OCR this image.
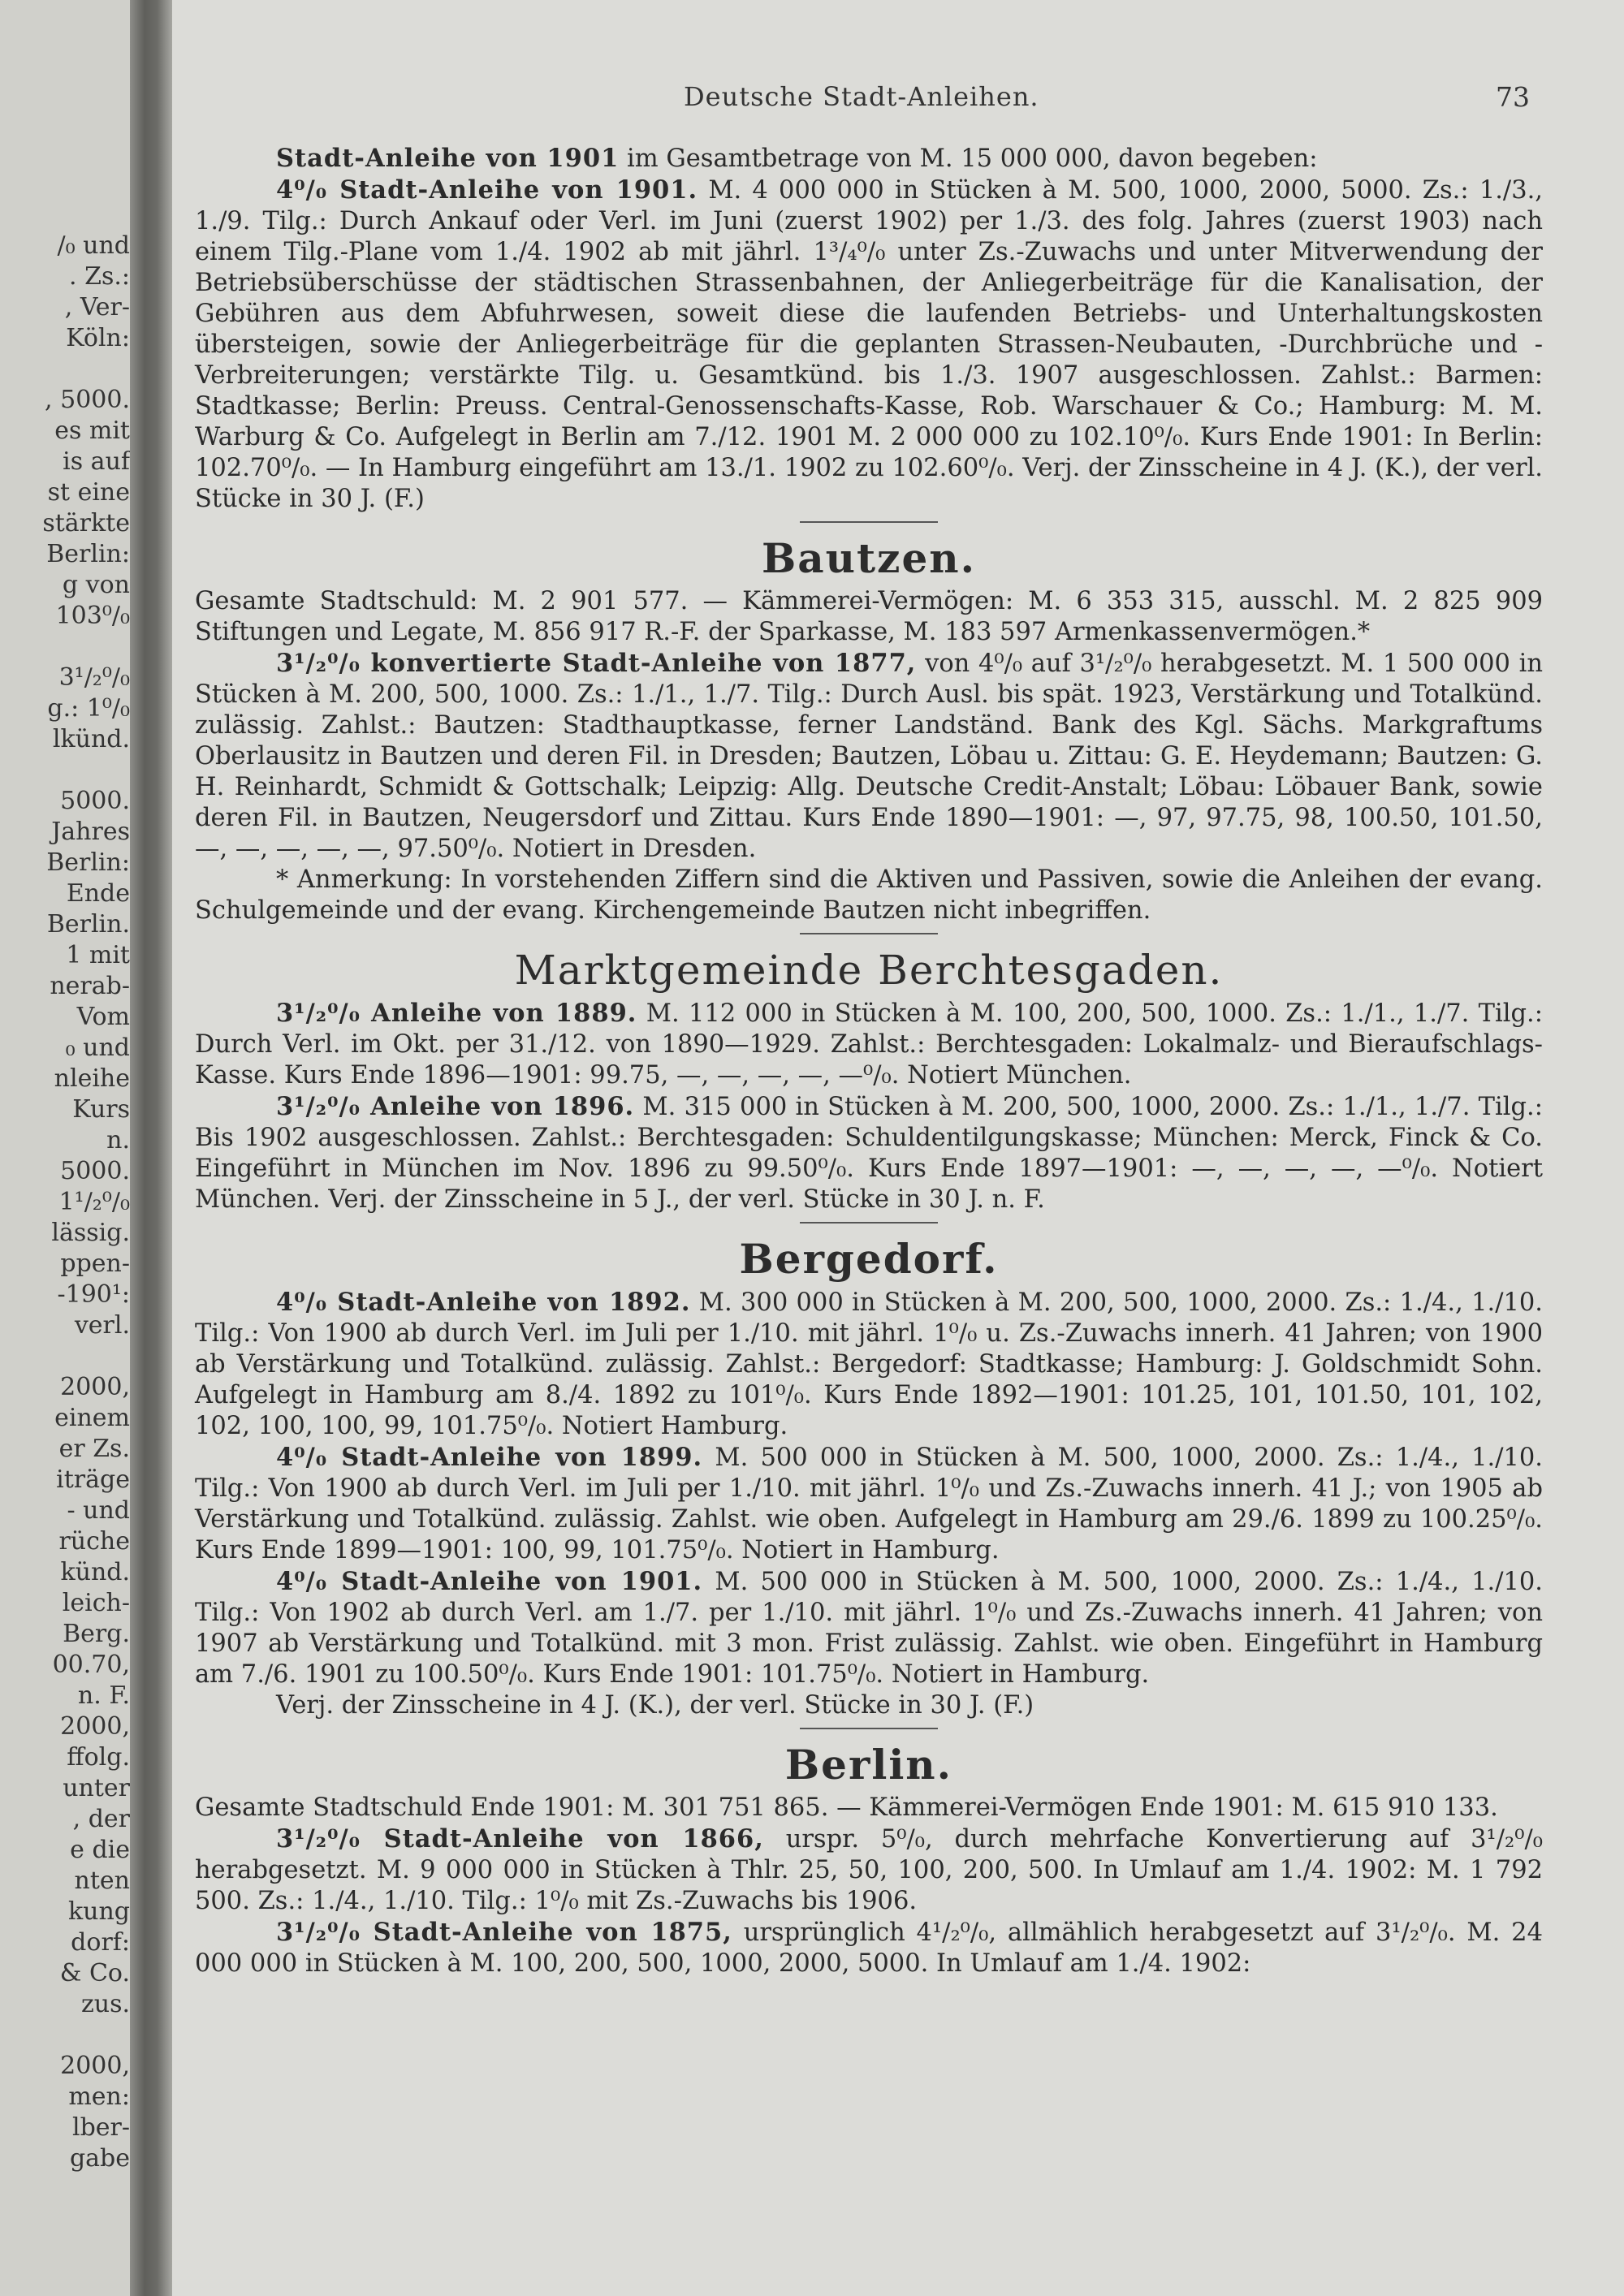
/₀ und
. Zs.:
, Ver-
Köln:
, 5000.
es mit
is auf
st eine
stärkte
Berlin:
g von
103⁰/₀
3¹/₂⁰/₀
g.: 1⁰/₀
lkünd.
5000.
Jahres
Berlin:
Ende
Berlin.
1 mit
nerab-
Vom
₀ und
nleihe
Kurs
n.
5000.
1¹/₂⁰/₀
lässig.
ppen-
-190¹:
verl.
2000,
einem
er Zs.
iträge
- und
rüche
künd.
leich-
Berg.
00.70,
n. F.
2000,
ffolg.
unter
, der
e die
nten
kung
dorf:
& Co.
zus.
2000,
men:
lber-
gabe
Deutsche Stadt-Anleihen.	73

Stadt-Anleihe von 1901 im Gesamtbetrage von M. 15 000 000, davon begeben:

4⁰/₀ Stadt-Anleihe von 1901. M. 4 000 000 in Stücken à M. 500, 1000, 2000, 5000. Zs.: 1./3., 1./9. Tilg.: Durch Ankauf oder Verl. im Juni (zuerst 1902) per 1./3. des folg. Jahres (zuerst 1903) nach einem Tilg.-Plane vom 1./4. 1902 ab mit jährl. 1³/₄⁰/₀ unter Zs.-Zuwachs und unter Mitverwendung der Betriebsüberschüsse der städtischen Strassenbahnen, der Anliegerbeiträge für die Kanalisation, der Gebühren aus dem Abfuhrwesen, soweit diese die laufenden Betriebs- und Unterhaltungskosten übersteigen, sowie der Anliegerbeiträge für die geplanten Strassen-Neubauten, -Durchbrüche und -Verbreiterungen; verstärkte Tilg. u. Gesamtkünd. bis 1./3. 1907 ausgeschlossen. Zahlst.: Barmen: Stadtkasse; Berlin: Preuss. Central-Genossenschafts-Kasse, Rob. Warschauer & Co.; Hamburg: M. M. Warburg & Co. Aufgelegt in Berlin am 7./12. 1901 M. 2 000 000 zu 102.10⁰/₀. Kurs Ende 1901: In Berlin: 102.70⁰/₀. — In Hamburg eingeführt am 13./1. 1902 zu 102.60⁰/₀. Verj. der Zinsscheine in 4 J. (K.), der verl. Stücke in 30 J. (F.)

Bautzen.

Gesamte Stadtschuld: M. 2 901 577. — Kämmerei-Vermögen: M. 6 353 315, ausschl. M. 2 825 909 Stiftungen und Legate, M. 856 917 R.-F. der Sparkasse, M. 183 597 Armenkassenvermögen.*

3¹/₂⁰/₀ konvertierte Stadt-Anleihe von 1877, von 4⁰/₀ auf 3¹/₂⁰/₀ herabgesetzt. M. 1 500 000 in Stücken à M. 200, 500, 1000. Zs.: 1./1., 1./7. Tilg.: Durch Ausl. bis spät. 1923, Verstärkung und Totalkünd. zulässig. Zahlst.: Bautzen: Stadthauptkasse, ferner Landständ. Bank des Kgl. Sächs. Markgraftums Oberlausitz in Bautzen und deren Fil. in Dresden; Bautzen, Löbau u. Zittau: G. E. Heydemann; Bautzen: G. H. Reinhardt, Schmidt & Gottschalk; Leipzig: Allg. Deutsche Credit-Anstalt; Löbau: Löbauer Bank, sowie deren Fil. in Bautzen, Neugersdorf und Zittau. Kurs Ende 1890—1901: —, 97, 97.75, 98, 100.50, 101.50, —, —, —, —, —, 97.50⁰/₀. Notiert in Dresden.

* Anmerkung: In vorstehenden Ziffern sind die Aktiven und Passiven, sowie die Anleihen der evang. Schulgemeinde und der evang. Kirchengemeinde Bautzen nicht inbegriffen.

Marktgemeinde Berchtesgaden.

3¹/₂⁰/₀ Anleihe von 1889. M. 112 000 in Stücken à M. 100, 200, 500, 1000. Zs.: 1./1., 1./7. Tilg.: Durch Verl. im Okt. per 31./12. von 1890—1929. Zahlst.: Berchtesgaden: Lokalmalz- und Bieraufschlags-Kasse. Kurs Ende 1896—1901: 99.75, —, —, —, —, —⁰/₀. Notiert München.

3¹/₂⁰/₀ Anleihe von 1896. M. 315 000 in Stücken à M. 200, 500, 1000, 2000. Zs.: 1./1., 1./7. Tilg.: Bis 1902 ausgeschlossen. Zahlst.: Berchtesgaden: Schuldentilgungskasse; München: Merck, Finck & Co. Eingeführt in München im Nov. 1896 zu 99.50⁰/₀. Kurs Ende 1897—1901: —, —, —, —, —⁰/₀. Notiert München. Verj. der Zinsscheine in 5 J., der verl. Stücke in 30 J. n. F.

Bergedorf.

4⁰/₀ Stadt-Anleihe von 1892. M. 300 000 in Stücken à M. 200, 500, 1000, 2000. Zs.: 1./4., 1./10. Tilg.: Von 1900 ab durch Verl. im Juli per 1./10. mit jährl. 1⁰/₀ u. Zs.-Zuwachs innerh. 41 Jahren; von 1900 ab Verstärkung und Totalkünd. zulässig. Zahlst.: Bergedorf: Stadtkasse; Hamburg: J. Goldschmidt Sohn. Aufgelegt in Hamburg am 8./4. 1892 zu 101⁰/₀. Kurs Ende 1892—1901: 101.25, 101, 101.50, 101, 102, 102, 100, 100, 99, 101.75⁰/₀. Notiert Hamburg.

4⁰/₀ Stadt-Anleihe von 1899. M. 500 000 in Stücken à M. 500, 1000, 2000. Zs.: 1./4., 1./10. Tilg.: Von 1900 ab durch Verl. im Juli per 1./10. mit jährl. 1⁰/₀ und Zs.-Zuwachs innerh. 41 J.; von 1905 ab Verstärkung und Totalkünd. zulässig. Zahlst. wie oben. Aufgelegt in Hamburg am 29./6. 1899 zu 100.25⁰/₀. Kurs Ende 1899—1901: 100, 99, 101.75⁰/₀. Notiert in Hamburg.

4⁰/₀ Stadt-Anleihe von 1901. M. 500 000 in Stücken à M. 500, 1000, 2000. Zs.: 1./4., 1./10. Tilg.: Von 1902 ab durch Verl. am 1./7. per 1./10. mit jährl. 1⁰/₀ und Zs.-Zuwachs innerh. 41 Jahren; von 1907 ab Verstärkung und Totalkünd. mit 3 mon. Frist zulässig. Zahlst. wie oben. Eingeführt in Hamburg am 7./6. 1901 zu 100.50⁰/₀. Kurs Ende 1901: 101.75⁰/₀. Notiert in Hamburg.

Verj. der Zinsscheine in 4 J. (K.), der verl. Stücke in 30 J. (F.)

Berlin.

Gesamte Stadtschuld Ende 1901: M. 301 751 865. — Kämmerei-Vermögen Ende 1901: M. 615 910 133.

3¹/₂⁰/₀ Stadt-Anleihe von 1866, urspr. 5⁰/₀, durch mehrfache Konvertierung auf 3¹/₂⁰/₀ herabgesetzt. M. 9 000 000 in Stücken à Thlr. 25, 50, 100, 200, 500. In Umlauf am 1./4. 1902: M. 1 792 500. Zs.: 1./4., 1./10. Tilg.: 1⁰/₀ mit Zs.-Zuwachs bis 1906.

3¹/₂⁰/₀ Stadt-Anleihe von 1875, ursprünglich 4¹/₂⁰/₀, allmählich herabgesetzt auf 3¹/₂⁰/₀. M. 24 000 000 in Stücken à M. 100, 200, 500, 1000, 2000, 5000. In Umlauf am 1./4. 1902:
